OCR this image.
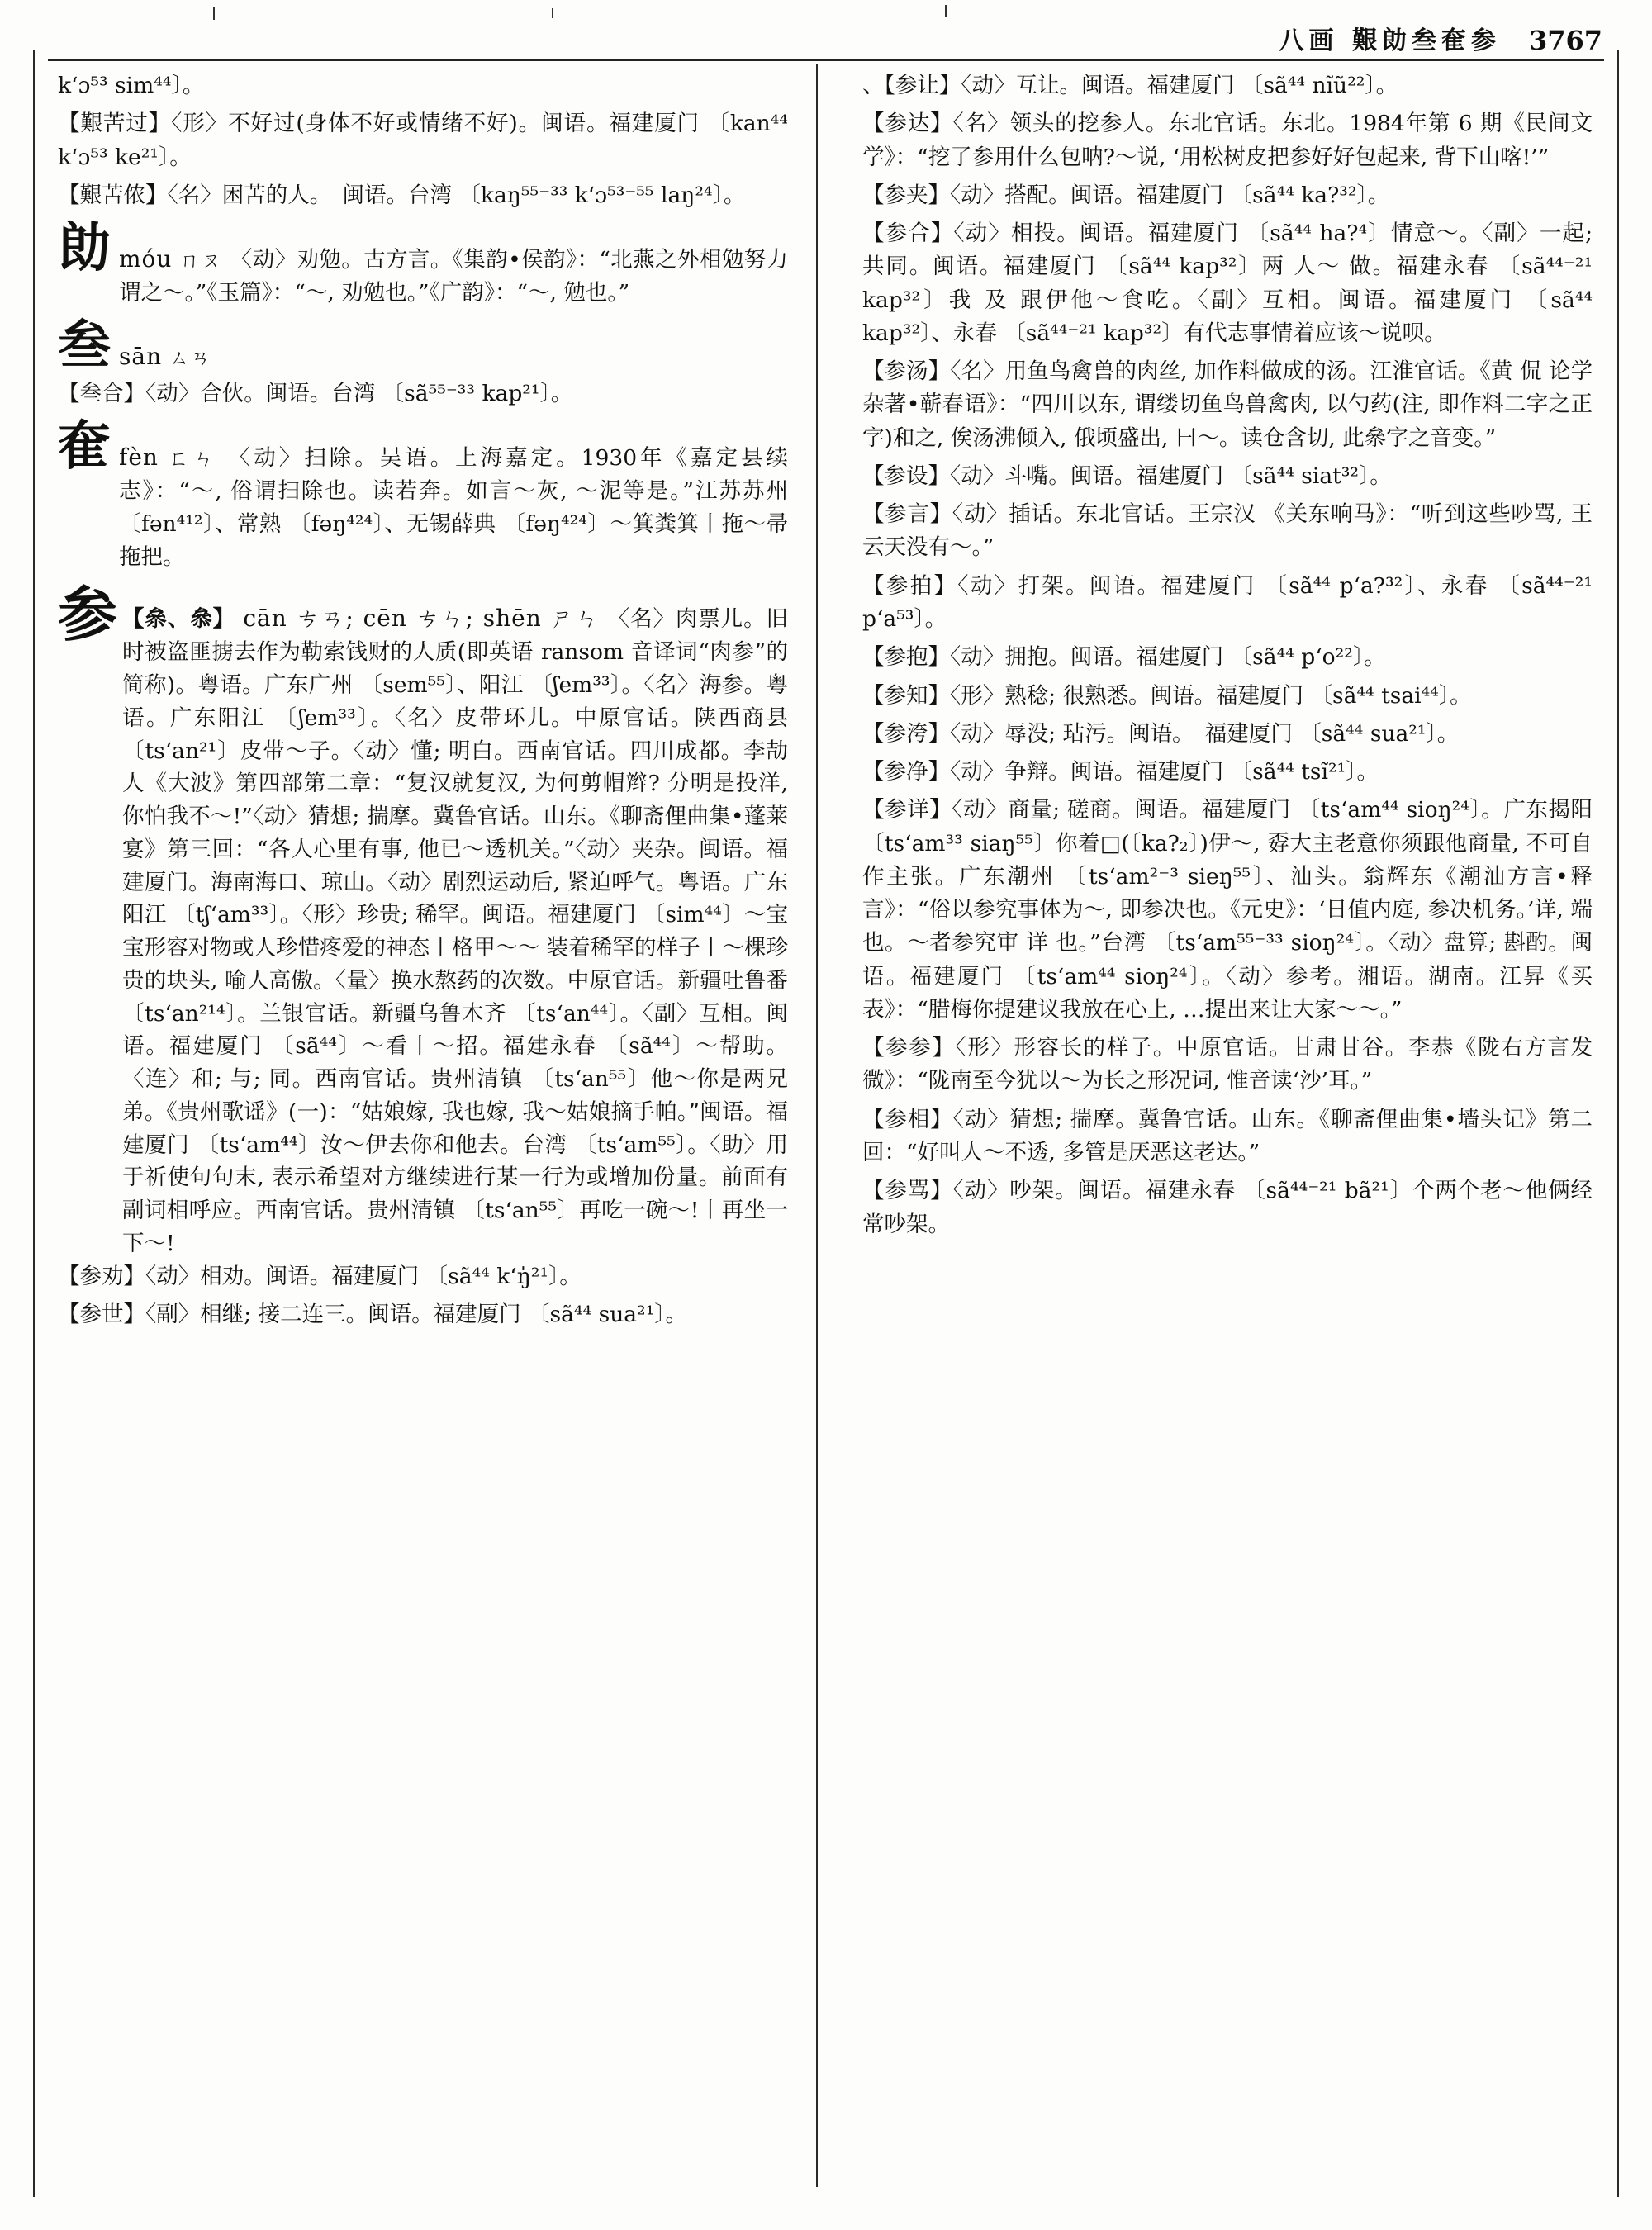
八画 艱勆叁奞参 3767

k‘ɔ⁵³ sim⁴⁴〕。

【艱苦过】〈形〉不好过(身体不好或情绪不好)。闽语。福建厦门 〔kan⁴⁴ k‘ɔ⁵³ ke²¹〕。

【艱苦侬】〈名〉困苦的人。　闽语。台湾 〔kaŋ⁵⁵⁻³³ k‘ɔ⁵³⁻⁵⁵ laŋ²⁴〕。

勆 móu ㄇㄡ 〈动〉劝勉。古方言。《集韵•侯韵》：“北燕之外相勉努力谓之～。”《玉篇》：“～, 劝勉也。”《广韵》：“～, 勉也。”
叁 sān ㄙㄢ

【叁合】〈动〉合伙。闽语。台湾 〔sã⁵⁵⁻³³ kap²¹〕。

奞 fèn ㄈㄣ 〈动〉扫除。吴语。上海嘉定。1930年《嘉定县续志》：“～, 俗谓扫除也。读若奔。如言～灰, ～泥等是。”江苏苏州 〔fən⁴¹²〕、常熟 〔fəŋ⁴²⁴〕、无锡薛典 〔fəŋ⁴²⁴〕～箕粪箕丨拖～帚拖把。
参 【㕘、叅】 cān ㄘㄢ; cēn ㄘㄣ; shēn ㄕㄣ 〈名〉肉票儿。旧时被盗匪掳去作为勒索钱财的人质(即英语 ransom 音译词“肉参”的简称)。粤语。广东广州 〔sem⁵⁵〕、阳江 〔ʃem³³〕。〈名〉海参。粤语。广东阳江 〔ʃem³³〕。〈名〉皮带环儿。中原官话。陕西商县 〔ts‘an²¹〕皮带～子。〈动〉懂; 明白。西南官话。四川成都。李劼人《大波》第四部第二章：“复汉就复汉, 为何剪帽辫? 分明是投洋, 你怕我不～!”〈动〉猜想; 揣摩。冀鲁官话。山东。《聊斋俚曲集•蓬莱宴》第三回：“各人心里有事, 他已～透机关。”〈动〉夹杂。闽语。福建厦门。海南海口、琼山。〈动〉剧烈运动后, 紧迫呼气。粤语。广东阳江 〔tʃ‘am³³〕。〈形〉珍贵; 稀罕。闽语。福建厦门 〔sim⁴⁴〕～宝宝形容对物或人珍惜疼爱的神态丨格甲～～ 装着稀罕的样子丨～棵珍贵的块头, 喻人高傲。〈量〉换水熬药的次数。中原官话。新疆吐鲁番 〔ts‘an²¹⁴〕。兰银官话。新疆乌鲁木齐 〔ts‘an⁴⁴〕。〈副〉互相。闽语。福建厦门 〔sã⁴⁴〕～看丨～招。福建永春 〔sã⁴⁴〕～帮助。〈连〉和; 与; 同。西南官话。贵州清镇 〔ts‘an⁵⁵〕他～你是两兄弟。《贵州歌谣》(一)：“姑娘嫁, 我也嫁, 我～姑娘摘手帕。”闽语。福建厦门 〔ts‘am⁴⁴〕汝～伊去你和他去。台湾 〔ts‘am⁵⁵〕。〈助〉用于祈使句句末, 表示希望对方继续进行某一行为或增加份量。前面有副词相呼应。西南官话。贵州清镇 〔ts‘an⁵⁵〕再吃一碗～!丨再坐一下～!

【参劝】〈动〉相劝。闽语。福建厦门 〔sã⁴⁴ k‘ŋ̍²¹〕。

【参世】〈副〉相继; 接二连三。闽语。福建厦门 〔sã⁴⁴ sua²¹〕。

、【参让】〈动〉互让。闽语。福建厦门 〔sã⁴⁴ nĩũ²²〕。

【参达】〈名〉领头的挖参人。东北官话。东北。1984年第 6 期《民间文学》：“挖了参用什么包呐?～说, ‘用松树皮把参好好包起来, 背下山喀!’”

【参夹】〈动〉搭配。闽语。福建厦门 〔sã⁴⁴ ka?³²〕。

【参合】〈动〉相投。闽语。福建厦门 〔sã⁴⁴ ha?⁴〕情意～。〈副〉一起; 共同。闽语。福建厦门 〔sã⁴⁴ kap³²〕两 人～ 做。福建永春 〔sã⁴⁴⁻²¹ kap³²〕我 及 跟伊他～食吃。〈副〉互相。闽语。福建厦门 〔sã⁴⁴ kap³²〕、永春 〔sã⁴⁴⁻²¹ kap³²〕有代志事情着应该～说呗。

【参汤】〈名〉用鱼鸟禽兽的肉丝, 加作料做成的汤。江淮官话。《黄 侃 论学杂著•蕲春语》：“四川以东, 谓缕切鱼鸟兽禽肉, 以勺药(注, 即作料二字之正字)和之, 俟汤沸倾入, 俄顷盛出, 曰～。读仓含切, 此㕘字之音变。”

【参设】〈动〉斗嘴。闽语。福建厦门 〔sã⁴⁴ siat³²〕。

【参言】〈动〉插话。东北官话。王宗汉 《关东响马》：“听到这些吵骂, 王云天没有～。”

【参拍】〈动〉打架。闽语。福建厦门 〔sã⁴⁴ p‘a?³²〕、永春 〔sã⁴⁴⁻²¹ p‘a⁵³〕。

【参抱】〈动〉拥抱。闽语。福建厦门 〔sã⁴⁴ p‘o²²〕。

【参知】〈形〉熟稔; 很熟悉。闽语。福建厦门 〔sã⁴⁴ tsai⁴⁴〕。

【参洿】〈动〉辱没; 玷污。闽语。　福建厦门 〔sã⁴⁴ sua²¹〕。

【参净】〈动〉争辩。闽语。福建厦门 〔sã⁴⁴ tsĩ²¹〕。

【参详】〈动〉商量; 磋商。闽语。福建厦门 〔ts‘am⁴⁴ sioŋ²⁴〕。广东揭阳 〔ts‘am³³ siaŋ⁵⁵〕你着□(〔ka?₂〕)伊～, 孬大主老意你须跟他商量, 不可自作主张。广东潮州 〔ts‘am²⁻³ sieŋ⁵⁵〕、汕头。翁辉东《潮汕方言•释言》：“俗以参究事体为～, 即参决也。《元史》：‘日值内庭, 参决机务。’详, 端也。～者参究审 详 也。”台湾 〔ts‘am⁵⁵⁻³³ sioŋ²⁴〕。〈动〉盘算; 斟酌。闽语。福建厦门 〔ts‘am⁴⁴ sioŋ²⁴〕。〈动〉参考。湘语。湖南。江昇《买表》：“腊梅你提建议我放在心上, …提出来让大家～～。”

【参参】〈形〉形容长的样子。中原官话。甘肃甘谷。李恭《陇右方言发微》：“陇南至今犹以～为长之形况词, 惟音读‘沙’耳。”

【参相】〈动〉猜想; 揣摩。冀鲁官话。山东。《聊斋俚曲集•墙头记》第二回：“好叫人～不透, 多管是厌恶这老达。”

【参骂】〈动〉吵架。闽语。福建永春 〔sã⁴⁴⁻²¹ bã²¹〕个两个老～他俩经常吵架。
